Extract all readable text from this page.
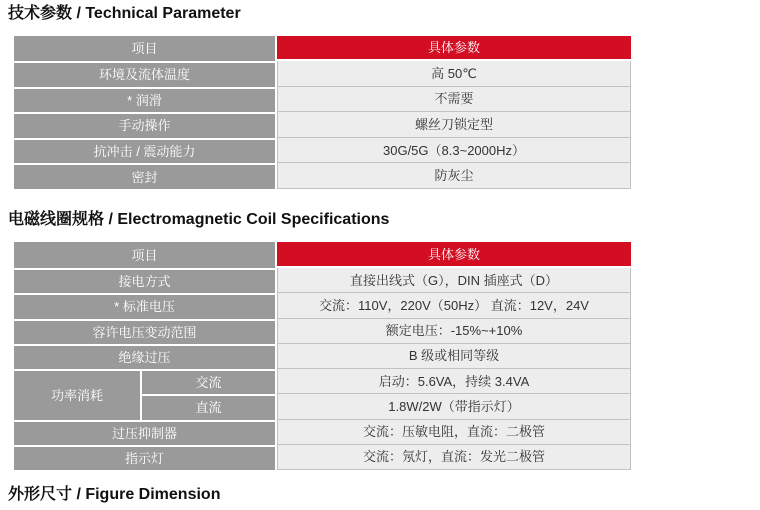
技术参数 / Technical Parameter
项目	具体参数
环境及流体温度	高 50℃
* 润滑	不需要
手动操作	螺丝刀锁定型
抗冲击 / 震动能力	30G/5G（8.3~2000Hz）
密封	防灰尘
电磁线圈规格 / Electromagnetic Coil Specifications
项目	具体参数
接电方式	直接出线式（G），DIN 插座式（D）
* 标准电压	交流：110V，220V（50Hz） 直流：12V，24V
容许电压变动范围	额定电压：-15%~+10%
绝缘过压	B 级或相同等级
功率消耗
交流	启动：5.6VA，持续 3.4VA
直流	1.8W/2W（带指示灯）
过压抑制器	交流：压敏电阻，直流：二极管
指示灯	交流：氖灯，直流：发光二极管
外形尺寸 / Figure Dimension
